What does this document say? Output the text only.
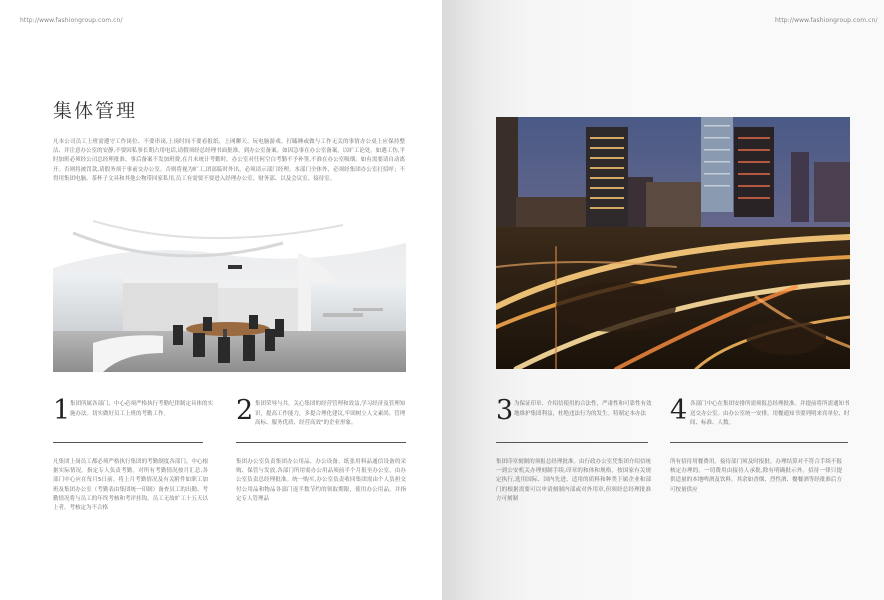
http://www.fashiongroup.com.cn/
集体管理
凡本公司员工上班需遵守工作岗位、不要串岗,上岗时间不要看报纸、上网聊天、玩电脑游戏、打瞌睡或做与工作无关的事情办公桌上应保持整洁、并注意办公室的安静,不要因私事长期占用电话,请假须经总经理书面批准，到办公室备案。如因急事在办公室备案。以旷工论处。如遇工伤,平时加班必须经公司总经理批准。事后备案不发加班费,在月末统计考勤时。办公室对任何空白考勤不予补签,不准在办公室吸烟。如有需要请自动离开。否则将被罚款,请假务须于事前交办公室。否则将视为旷工,团部临时外出。必须请示部门经理。本部门全体外，必须经集团办公室打招呼；不得用集团电脑、茶杯子文具和其他公物带回家私用,员工有需要不要进入经理办公室、财务部、以及会议室、接待室。
1 集团所属各部门、中心必须严格执行考勤纪律制定具体的实施办法。切实做好员工上班的考勤工作。	2 集团荣辱与共。关心集团的经营管理和效益,学习经济及管理知识，提高工作能力，多提合理化建议,牢固树立人文素尚、管理高标、服务优质、经营高效"的企业形象。
凡集团上岗员工都必须严格执行集团的考勤制度各部门、中心根据实际情况。指定专人负责考勤。对所有考勤情况按月汇总,各部门中心应在每月5日前。将上月考勤情况及有关附件如职工加班及集团办公室（考勤表由集团统一印制）备查员工的出勤、考勤情况将与员工的年终考核和考评挂钩，员工无故旷工十五天以上者。考核定为不合格
集团办公室负责集团办公用品、办公设备、纸张用料品通信设备的采购、保管与发放,各部门所用需办公用品须前半个月报至办公室，由办公室负责总经理批准。统一购买,办公室负责收回集团需由个人负担交付公用品和物品各部门返半数节约的领取期限，使用办公用品。并指定专人管理品
http://www.fashiongroup.com.cn/
3 为保证印章、介绍信使用的合法性，严肃性和可靠性有效地维护集团利益，杜绝违法行为的发生。特制定本办法 4 各部门中心在集团安排所需须报总经理批准。并提前将所需通知书送交办公室。由办公室统一安排。用餐通知书要列明来宾单位、时间、标准、人数。
集团印章刻制的须报总经理批准。由行政办公室凭集团介绍信统一到公安机关办理刻制手续,印章的和体和规格。按国家有关规定执行,选用国际、国内先进、适用的质料和种类下属企业和部门的根据需要可以申请刻制内部或对外用章,但须经总经理批准方可刻制
所有招待用餐费用。接待部门须及时报批。办理结算对不符合手续不报核定办理的。一切费用由接待人承批,除有明确批示外。招待一律只提供适量的本地啤酒及饮料。其余如香烟、烈性酒、餐餐酒等经批准后方可按量供应
